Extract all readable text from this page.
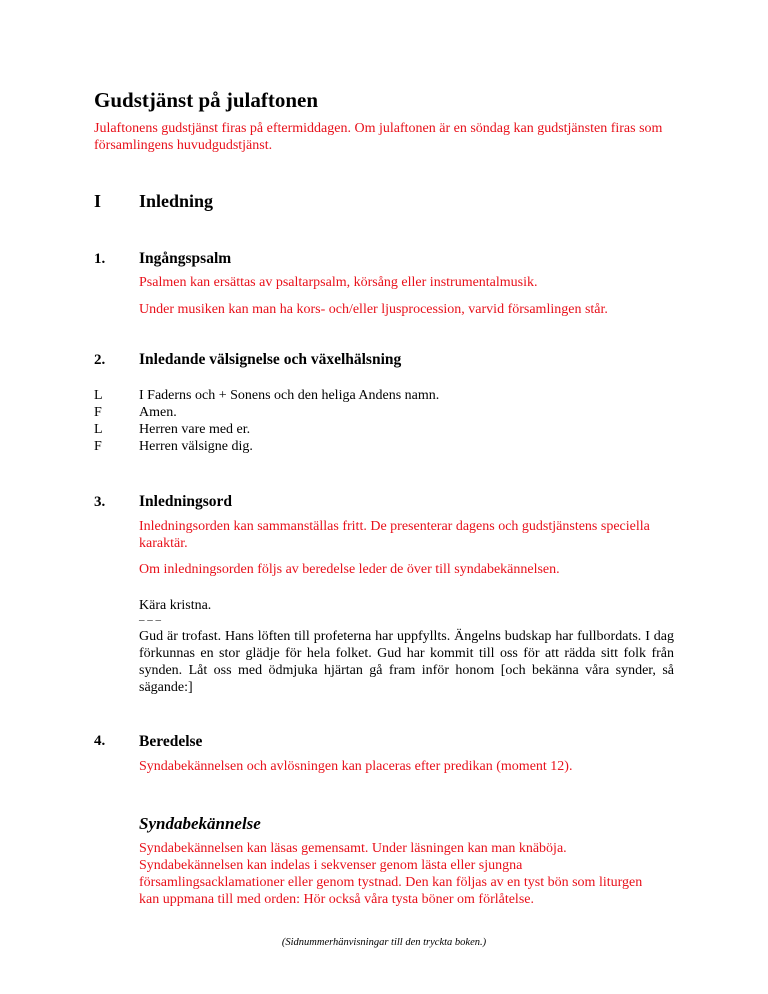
Gudstjänst på julaftonen

Julaftonens gudstjänst firas på eftermiddagen. Om julaftonen är en söndag kan gudstjänsten firas som församlingens huvudgudstjänst.

I Inledning
1. Ingångspsalm

Psalmen kan ersättas av psaltarpsalm, körsång eller instrumentalmusik.

Under musiken kan man ha kors- och/eller ljusprocession, varvid församlingen står.

2. Inledande välsignelse och växelhälsning
L	I Faderns och + Sonens och den heliga Andens namn.
F	Amen.
L	Herren vare med er.
F	Herren välsigne dig.
3. Inledningsord

Inledningsorden kan sammanställas fritt. De presenterar dagens och gudstjänstens speciella karaktär.

Om inledningsorden följs av beredelse leder de över till syndabekännelsen.

Kära kristna.

– – –

Gud är trofast. Hans löften till profeterna har uppfyllts. Ängelns budskap har fullbordats. I dag förkunnas en stor glädje för hela folket. Gud har kommit till oss för att rädda sitt folk från synden. Låt oss med ödmjuka hjärtan gå fram inför honom [och bekänna våra synder, så sägande:]

4. Beredelse

Syndabekännelsen och avlösningen kan placeras efter predikan (moment 12).

Syndabekännelse

Syndabekännelsen kan läsas gemensamt. Under läsningen kan man knäböja. Syndabekännelsen kan indelas i sekvenser genom lästa eller sjungna församlingsacklamationer eller genom tystnad. Den kan följas av en tyst bön som liturgen kan uppmana till med orden: Hör också våra tysta böner om förlåtelse.

(Sidnummerhänvisningar till den tryckta boken.)
